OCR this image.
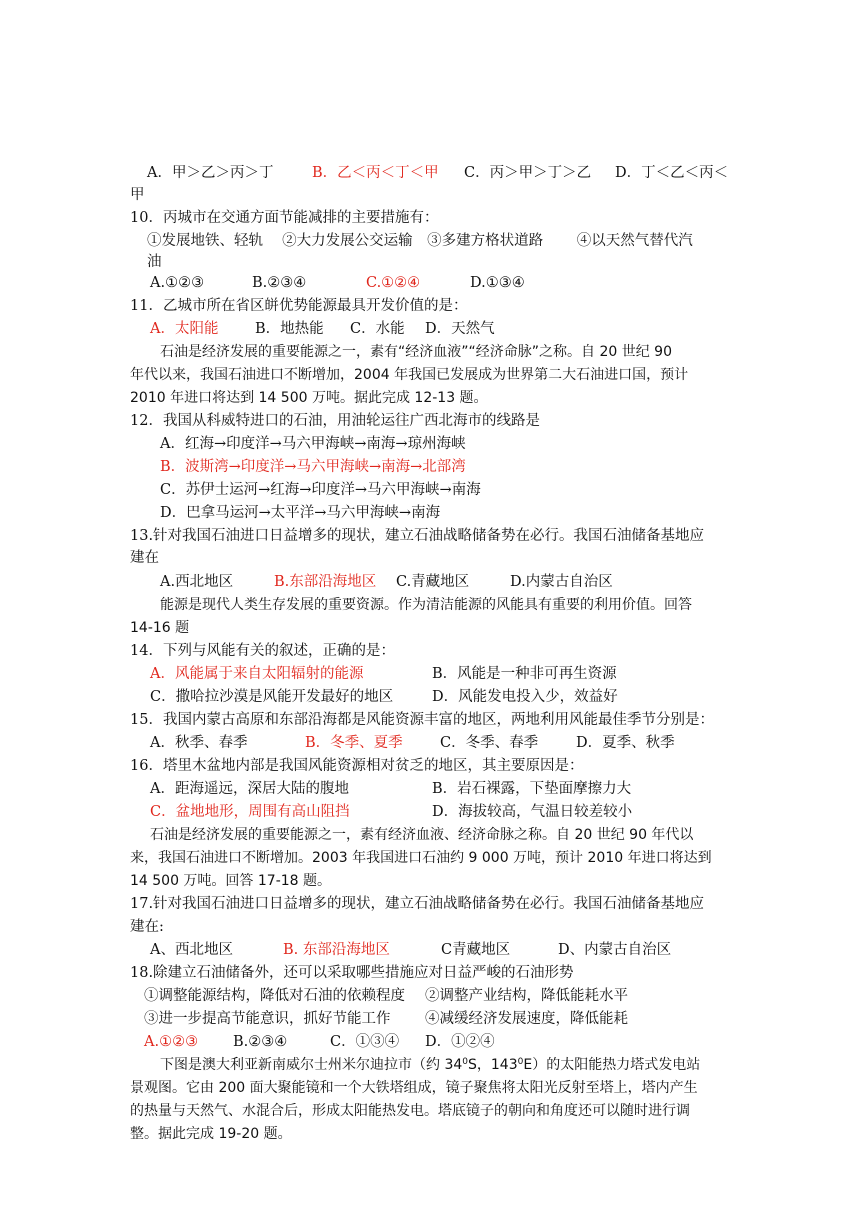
A．甲＞乙＞丙＞丁	B．乙＜丙＜丁＜甲 C．丙＞甲＞丁＞乙 D．丁＜乙＜丙＜
甲
10．丙城市在交通方面节能减排的主要措施有：
①发展地铁、轻轨　 ②大力发展公交运输　③多建方格状道路　　 ④以天然气替代汽
油
A.①②③	B.②③④	C.①②④	D.①③④
11．乙城市所在省区皏优势能源最具开发价值的是：
A．太阳能	B．地热能 C．水能 D．天然气
石油是经济发展的重要能源之一，素有“经济血液”“经济命脉”之称。自 20 世纪 90
年代以来，我国石油进口不断增加，2004 年我国已发展成为世界第二大石油进口国，预计
2010 年进口将达到 14 500 万吨。据此完成 12-13 题。
12．我国从科威特进口的石油，用油轮运往广西北海市的线路是
A．红海→印度洋→马六甲海峡→南海→琼州海峡
B．波斯湾→印度洋→马六甲海峡→南海→北部湾
C．苏伊士运河→红海→印度洋→马六甲海峡→南海
D．巴拿马运河→太平洋→马六甲海峡→南海
13.针对我国石油进口日益增多的现状，建立石油战略储备势在必行。我国石油储备基地应
建在
A.西北地区	B.东部沿海地区 C.青藏地区	D.内蒙古自治区
能源是现代人类生存发展的重要资源。作为清洁能源的风能具有重要的利用价值。回答
14-16 题
14．下列与风能有关的叙述，正确的是：
A．风能属于来自太阳辐射的能源	B．风能是一种非可再生资源
C．撒哈拉沙漠是风能开发最好的地区	D．风能发电投入少，效益好
15．我国内蒙古高原和东部沿海都是风能资源丰富的地区，两地利用风能最佳季节分别是：
A．秋季、春季	B．冬季、夏季	C．冬季、春季	D．夏季、秋季
16．塔里木盆地内部是我国风能资源相对贫乏的地区，其主要原因是：
A．距海遥远，深居大陆的腹地	B．岩石裸露，下垫面摩擦力大
C．盆地地形，周围有高山阻挡	D．海拔较高，气温日较差较小
石油是经济发展的重要能源之一，素有经济血液、经济命脉之称。自 20 世纪 90 年代以
来，我国石油进口不断增加。2003 年我国进口石油约 9 000 万吨，预计 2010 年进口将达到
14 500 万吨。回答 17-18 题。
17.针对我国石油进口日益增多的现状，建立石油战略储备势在必行。我国石油储备基地应
建在:
A、西北地区	B. 东部沿海地区	C青藏地区	D、内蒙古自治区
18.除建立石油储备外，还可以采取哪些措施应对日益严峻的石油形势
①调整能源结构，降低对石油的依赖程度 ②调整产业结构，降低能耗水平
③进一步提高节能意识，抓好节能工作 ④减缓经济发展速度，降低能耗
A.①②③ B.②③④	C．①③④ D．①②④
下图是澳大利亚新南威尔士州米尔迪拉市（约 $34^0S$，$143^0E$）的太阳能热力塔式发电站
景观图。它由 200 面大聚能镜和一个大铁塔组成，镜子聚焦将太阳光反射至塔上，塔内产生
的热量与天然气、水混合后，形成太阳能热发电。塔底镜子的朝向和角度还可以随时进行调
整。据此完成 19-20 题。
